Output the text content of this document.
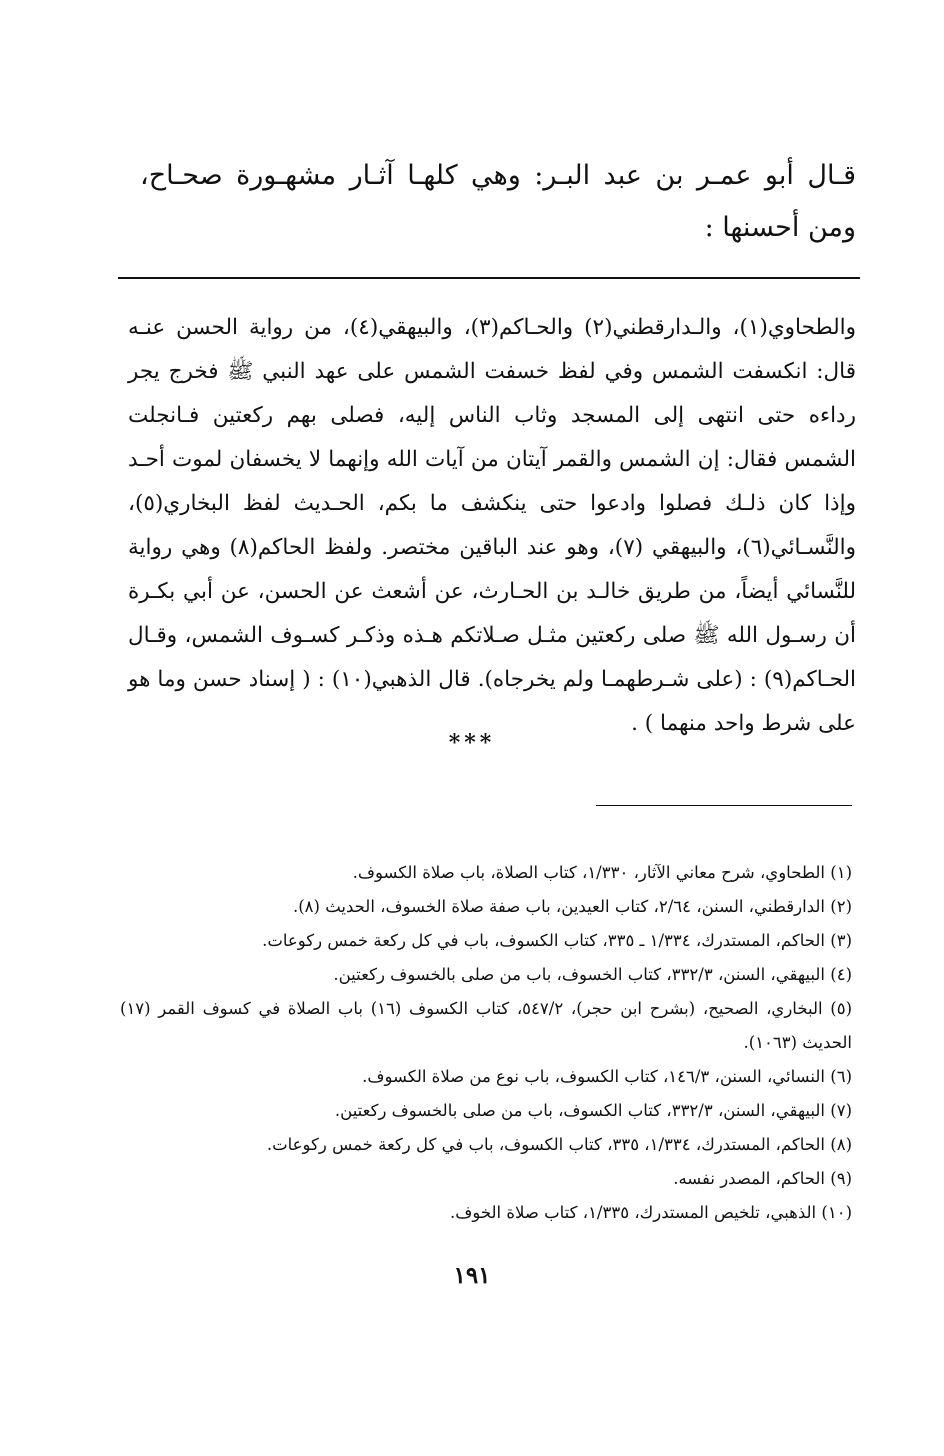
قـال أبو عمـر بن عبد البـر: وهي كلهـا آثـار مشهـورة صحـاح، ومن أحسنها :

والطحاوي(١)، والـدارقطني(٢) والحـاكم(٣)، والبيهقي(٤)، من رواية الحسن عنـه قال: انكسفت الشمس وفي لفظ خسفت الشمس على عهد النبي ﷺ فخرج يجر رداءه حتى انتهى إلى المسجد وثاب الناس إليه، فصلى بهم ركعتين فـانجلت الشمس فقال: إن الشمس والقمر آيتان من آيات الله وإنهما لا يخسفان لموت أحـد وإذا كان ذلـك فصلوا وادعوا حتى ينكشف ما بكم، الحـديث لفظ البخاري(٥)، والنَّسـائي(٦)، والبيهقي (٧)، وهو عند الباقين مختصر. ولفظ الحاكم(٨) وهي رواية للنَّسائي أيضاً، من طريق خالـد بن الحـارث، عن أشعث عن الحسن، عن أبي بكـرة أن رسـول الله ﷺ صلى ركعتين مثـل صـلاتكم هـذه وذكـر كسـوف الشمس، وقـال الحـاكم(٩) : (على شـرطهمـا ولم يخرجاه). قال الذهبي(١٠) : ( إسناد حسن وما هو على شرط واحد منهما ) .

***
(١) الطحاوي، شرح معاني الآثار، ١/٣٣٠، كتاب الصلاة، باب صلاة الكسوف.
(٢) الدارقطني، السنن، ٢/٦٤، كتاب العيدين، باب صفة صلاة الخسوف، الحديث (٨).
(٣) الحاكم، المستدرك، ١/٣٣٤ ـ ٣٣٥، كتاب الكسوف، باب في كل ركعة خمس ركوعات.
(٤) البيهقي، السنن، ٣٣٢/٣، كتاب الخسوف، باب من صلى بالخسوف ركعتين.
(٥) البخاري، الصحيح، (بشرح ابن حجر)، ٥٤٧/٢، كتاب الكسوف (١٦) باب الصلاة في كسوف القمر (١٧) الحديث (١٠٦٣).
(٦) النسائي، السنن، ١٤٦/٣، كتاب الكسوف، باب نوع من صلاة الكسوف.
(٧) البيهقي، السنن، ٣٣٢/٣، كتاب الكسوف، باب من صلى بالخسوف ركعتين.
(٨) الحاكم، المستدرك، ١/٣٣٤، ٣٣٥، كتاب الكسوف، باب في كل ركعة خمس ركوعات.
(٩) الحاكم، المصدر نفسه.
(١٠) الذهبي، تلخيص المستدرك، ١/٣٣٥، كتاب صلاة الخوف.
١٩١
